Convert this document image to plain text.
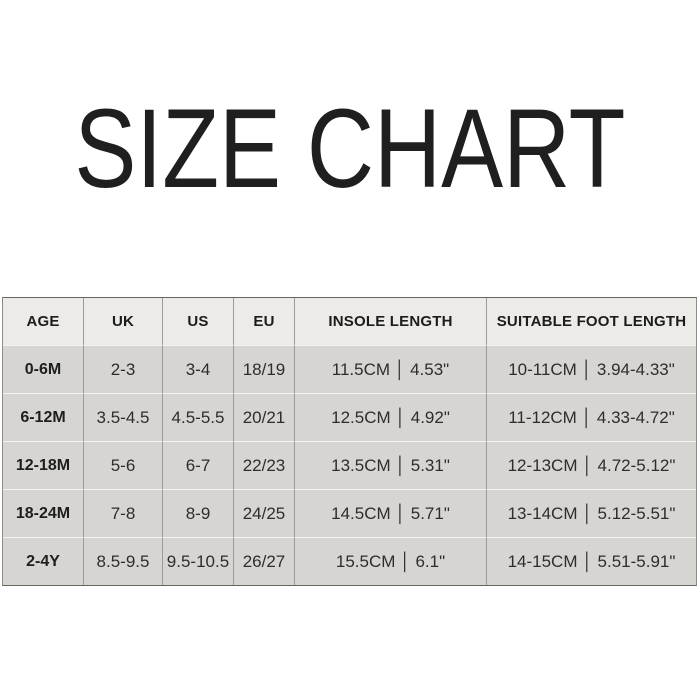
SIZE CHART
AGE	UK	US	EU	INSOLE LENGTH	SUITABLE FOOT LENGTH
0-6M	2-3	3-4	18/19	11.5CM │ 4.53"	10-11CM │ 3.94-4.33"
6-12M	3.5-4.5	4.5-5.5	20/21	12.5CM │ 4.92"	11-12CM │ 4.33-4.72"
12-18M	5-6	6-7	22/23	13.5CM │ 5.31"	12-13CM │ 4.72-5.12"
18-24M	7-8	8-9	24/25	14.5CM │ 5.71"	13-14CM │ 5.12-5.51"
2-4Y	8.5-9.5	9.5-10.5	26/27	15.5CM │ 6.1"	14-15CM │ 5.51-5.91"
